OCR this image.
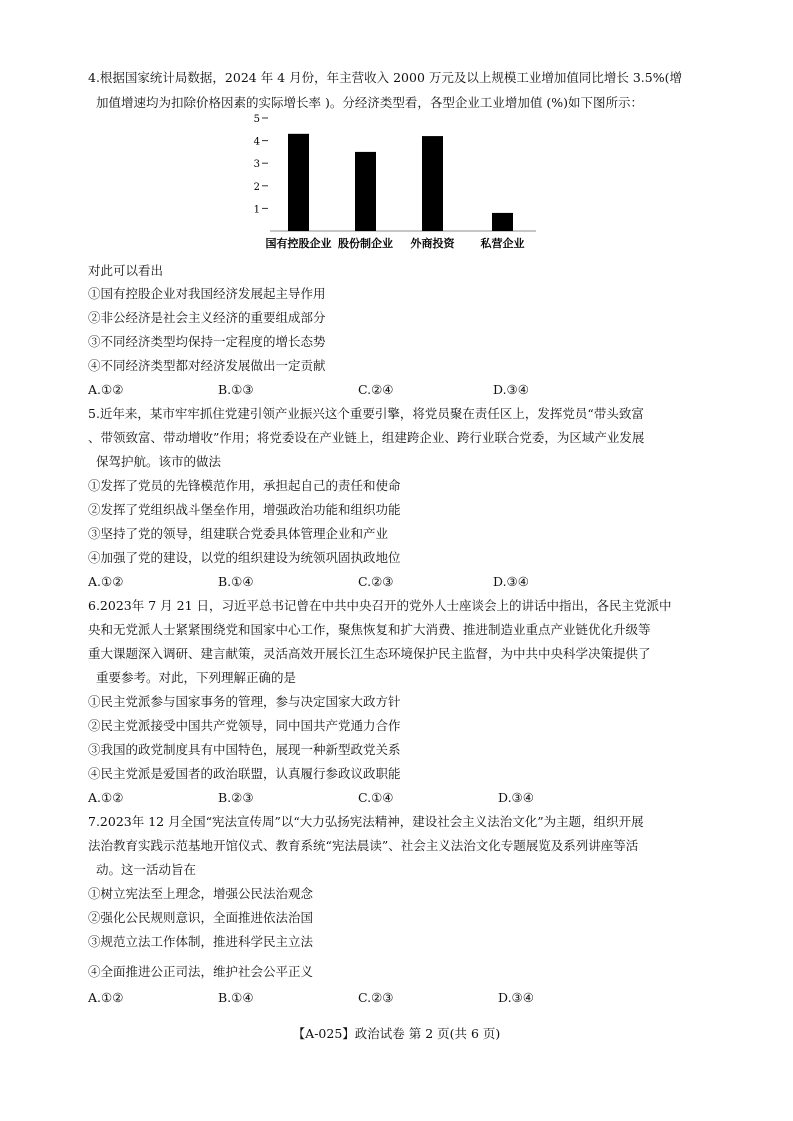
4.根据国家统计局数据，2024 年 4 月份，年主营收入 2000 万元及以上规模工业增加值同比增长 3.5%(增
加值增速均为扣除价格因素的实际增长率 )。分经济类型看，各型企业工业增加值 (%)如下图所示：
1
2
3
4
5
国有控股企业 股份制企业 外商投资 私营企业
对此可以看出
①国有控股企业对我国经济发展起主导作用
②非公经济是社会主义经济的重要组成部分
③不同经济类型均保持一定程度的增长态势
④不同经济类型都对经济发展做出一定贡献
A.①②	B.①③	C.②④	D.③④
5.近年来，某市牢牢抓住党建引领产业振兴这个重要引擎，将党员聚在责任区上，发挥党员“带头致富
、带领致富、带动增收”作用；将党委设在产业链上，组建跨企业、跨行业联合党委，为区域产业发展
保驾护航。该市的做法
①发挥了党员的先锋模范作用，承担起自己的责任和使命
②发挥了党组织战斗堡垒作用，增强政治功能和组织功能
③坚持了党的领导，组建联合党委具体管理企业和产业
④加强了党的建设，以党的组织建设为统领巩固执政地位
A.①②	B.①④	C.②③	D.③④
6.2023年 7 月 21 日，习近平总书记曾在中共中央召开的党外人士座谈会上的讲话中指出，各民主党派中
央和无党派人士紧紧围绕党和国家中心工作，聚焦恢复和扩大消费、推进制造业重点产业链优化升级等
重大课题深入调研、建言献策，灵活高效开展长江生态环境保护民主监督，为中共中央科学决策提供了
重要参考。对此，下列理解正确的是
①民主党派参与国家事务的管理，参与决定国家大政方针
②民主党派接受中国共产党领导，同中国共产党通力合作
③我国的政党制度具有中国特色，展现一种新型政党关系
④民主党派是爱国者的政治联盟，认真履行参政议政职能
A.①②	B.②③	C.①④	D.③④
7.2023年 12 月全国“宪法宣传周”以“大力弘扬宪法精神，建设社会主义法治文化”为主题，组织开展
法治教育实践示范基地开馆仪式、教育系统“宪法晨读”、社会主义法治文化专题展览及系列讲座等活
动。这一活动旨在
①树立宪法至上理念，增强公民法治观念
②强化公民规则意识，全面推进依法治国
③规范立法工作体制，推进科学民主立法
④全面推进公正司法，维护社会公平正义
A.①②	B.①④	C.②③	D.③④
【A-025】政治试卷 第 2 页(共 6 页)
